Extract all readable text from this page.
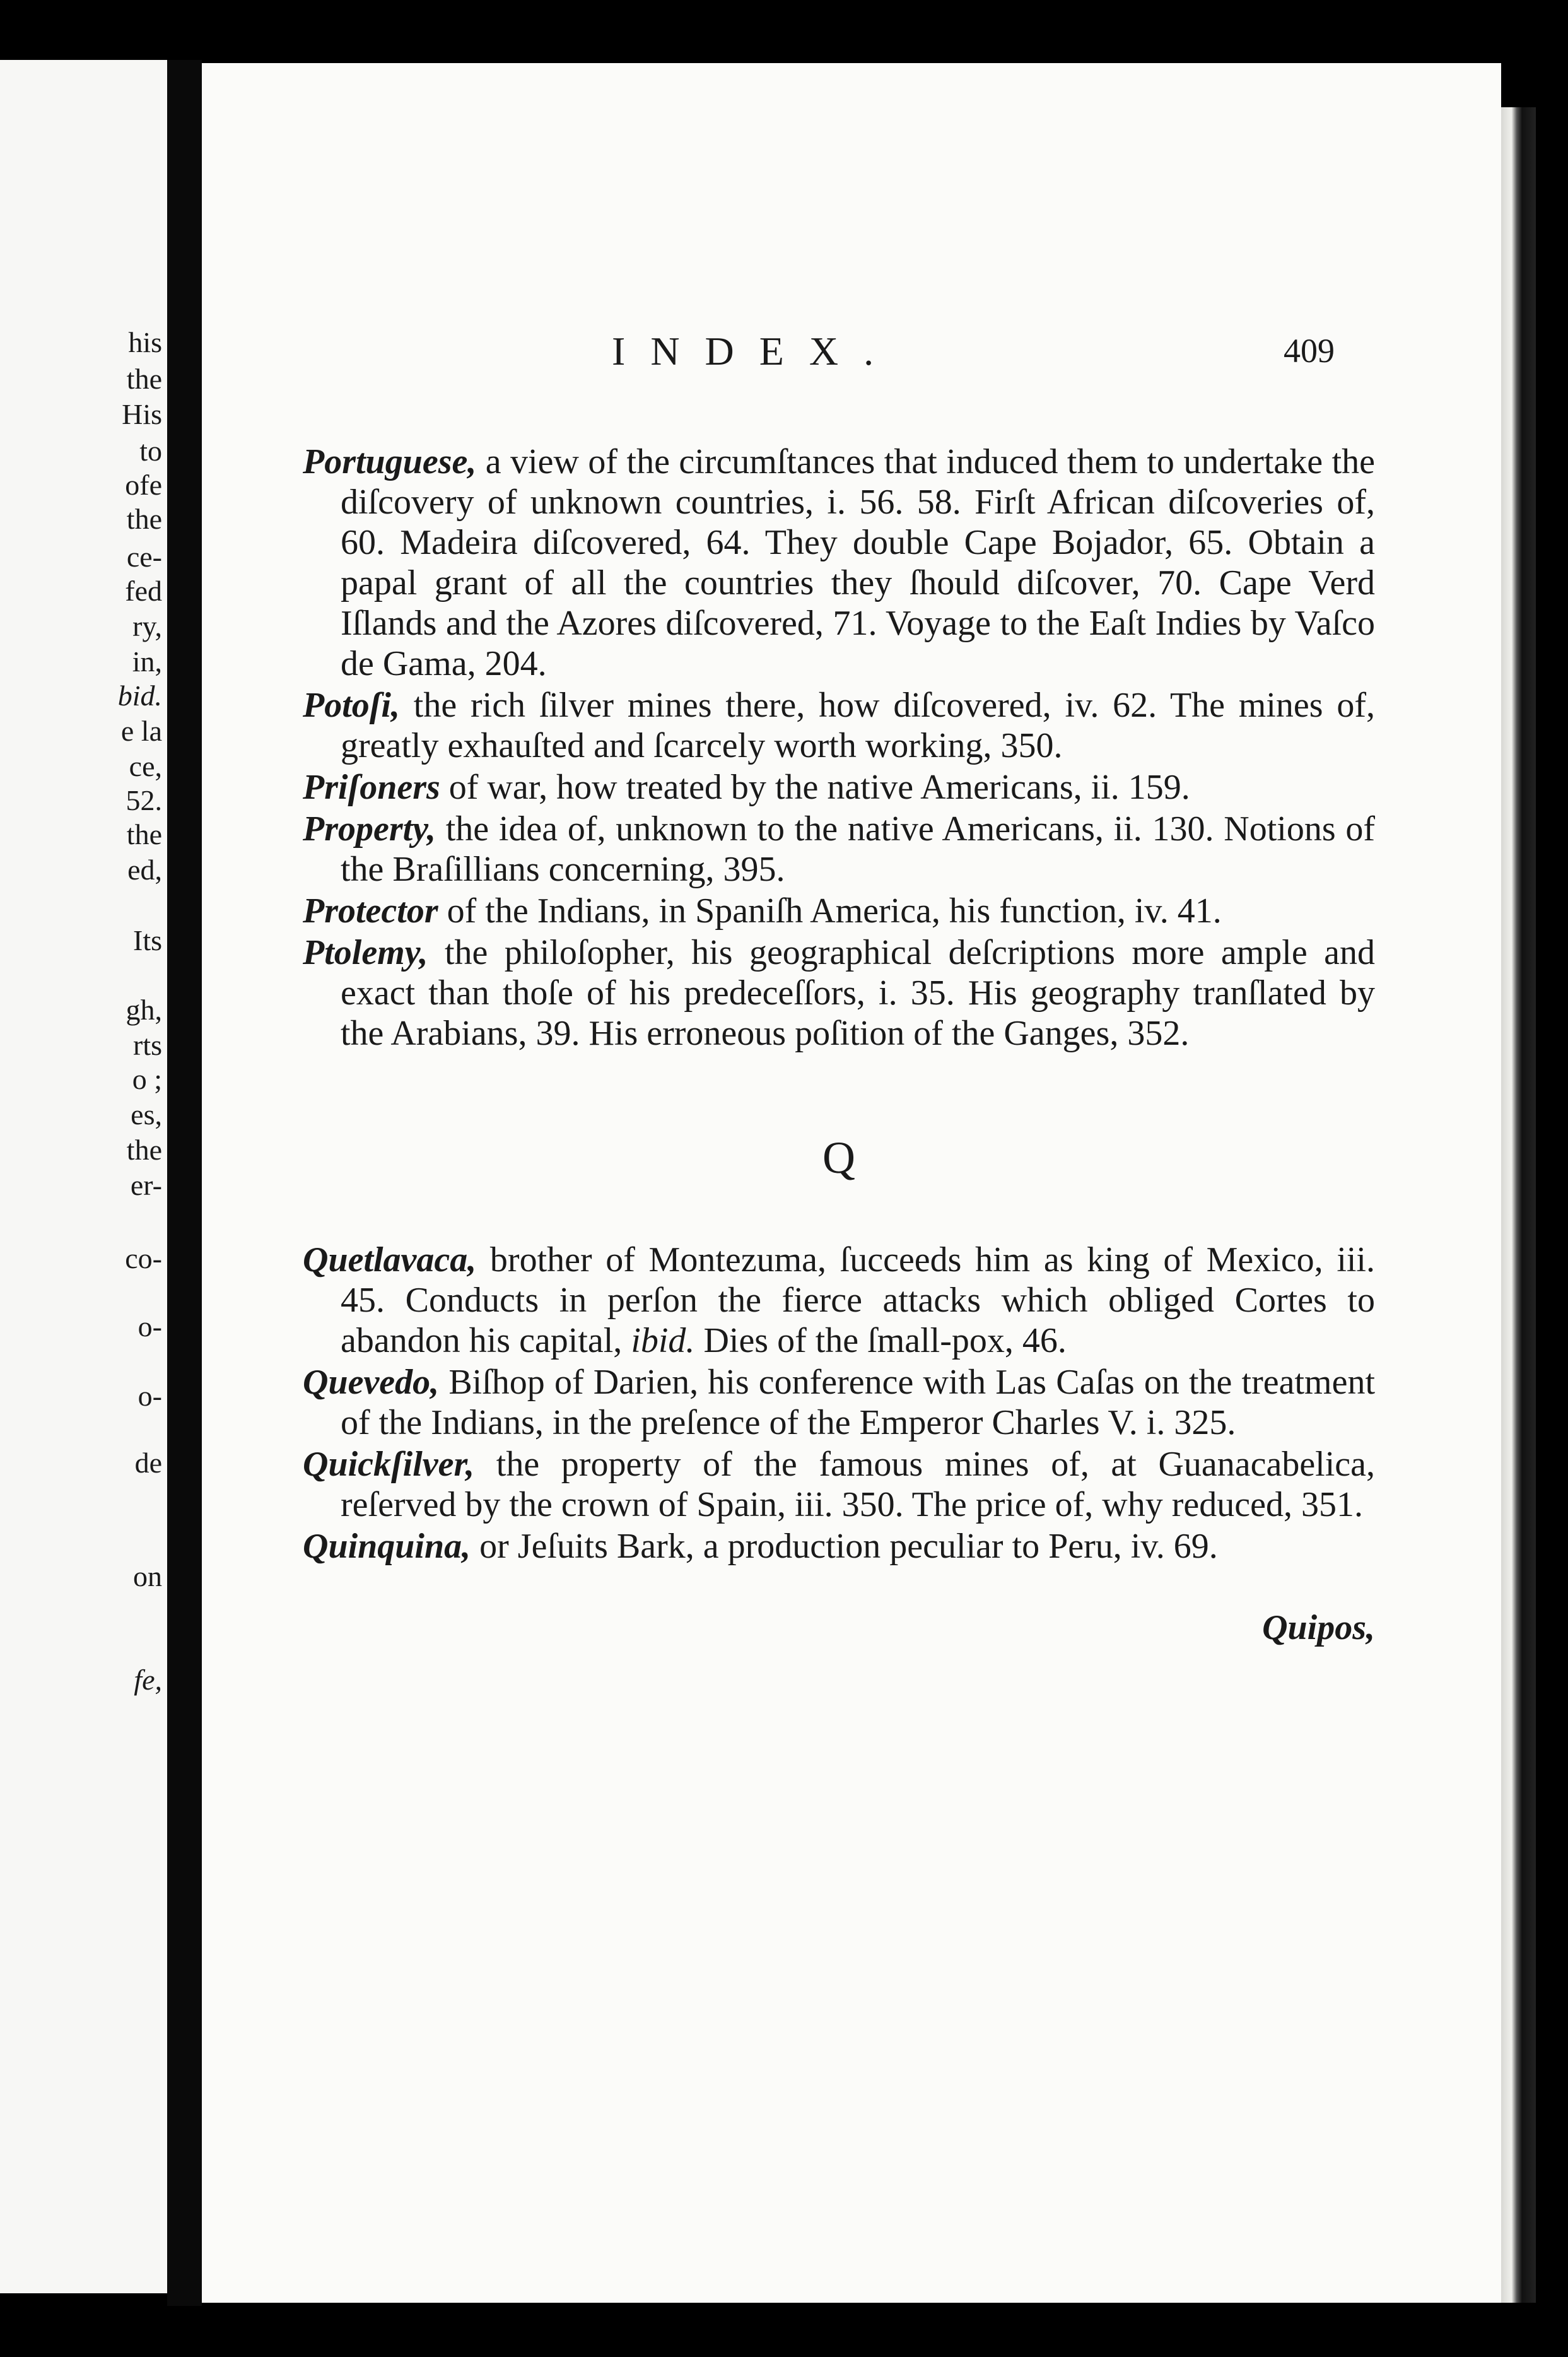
his
the
His
to
ofe
the
ce-
fed
ry,
in,
bid.
e la
ce,
52.
the
ed,
Its
gh,
rts
o ;
es,
the
er-
co-
o-
o-
de
on
fe,
INDEX.	409

Portuguese, a view of the circumſtances that induced them to undertake the diſcovery of unknown countries, i. 56. 58. Firſt African diſcoveries of, 60. Madeira diſcovered, 64. They double Cape Bojador, 65. Obtain a papal grant of all the countries they ſhould diſcover, 70. Cape Verd Iſlands and the Azores diſcovered, 71. Voyage to the Eaſt Indies by Vaſco de Gama, 204.

Potoſi, the rich ſilver mines there, how diſcovered, iv. 62. The mines of, greatly exhauſted and ſcarcely worth working, 350.

Priſoners of war, how treated by the native Americans, ii. 159.

Property, the idea of, unknown to the native Americans, ii. 130. Notions of the Braſillians concerning, 395.

Protector of the Indians, in Spaniſh America, his function, iv. 41.

Ptolemy, the philoſopher, his geographical deſcriptions more ample and exact than thoſe of his predeceſſors, i. 35. His geography tranſlated by the Arabians, 39. His erroneous poſition of the Ganges, 352.

Q

Quetlavaca, brother of Montezuma, ſucceeds him as king of Mexico, iii. 45. Conducts in perſon the fierce attacks which obliged Cortes to abandon his capital, ibid. Dies of the ſmall-pox, 46.

Quevedo, Biſhop of Darien, his conference with Las Caſas on the treatment of the Indians, in the preſence of the Emperor Charles V. i. 325.

Quickſilver, the property of the famous mines of, at Guanacabelica, reſerved by the crown of Spain, iii. 350. The price of, why reduced, 351.

Quinquina, or Jeſuits Bark, a production peculiar to Peru, iv. 69.

Quipos,
